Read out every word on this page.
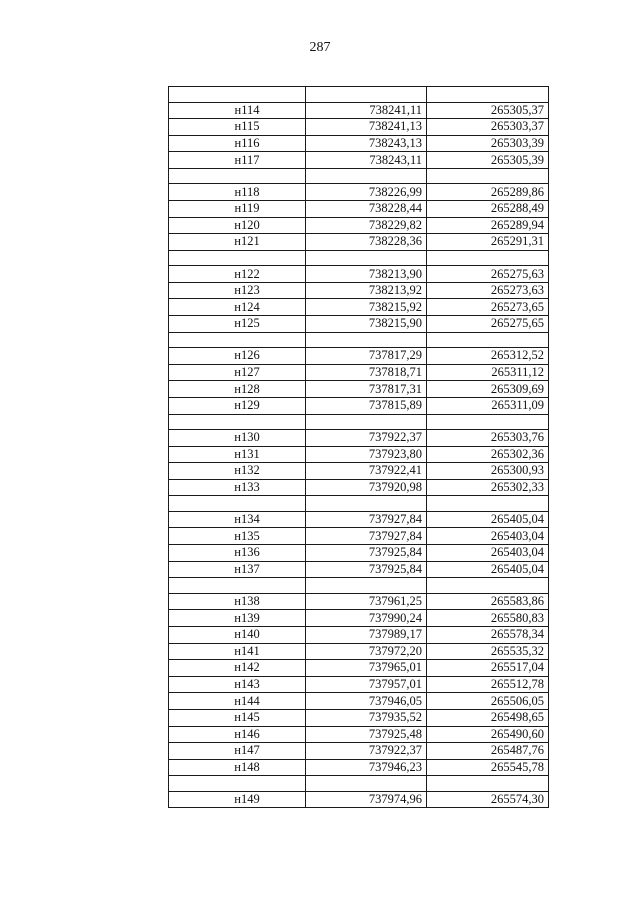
287

н114	738241,11	265305,37
н115	738241,13	265303,37
н116	738243,13	265303,39
н117	738243,11	265305,39

н118	738226,99	265289,86
н119	738228,44	265288,49
н120	738229,82	265289,94
н121	738228,36	265291,31

н122	738213,90	265275,63
н123	738213,92	265273,63
н124	738215,92	265273,65
н125	738215,90	265275,65

н126	737817,29	265312,52
н127	737818,71	265311,12
н128	737817,31	265309,69
н129	737815,89	265311,09

н130	737922,37	265303,76
н131	737923,80	265302,36
н132	737922,41	265300,93
н133	737920,98	265302,33

н134	737927,84	265405,04
н135	737927,84	265403,04
н136	737925,84	265403,04
н137	737925,84	265405,04

н138	737961,25	265583,86
н139	737990,24	265580,83
н140	737989,17	265578,34
н141	737972,20	265535,32
н142	737965,01	265517,04
н143	737957,01	265512,78
н144	737946,05	265506,05
н145	737935,52	265498,65
н146	737925,48	265490,60
н147	737922,37	265487,76
н148	737946,23	265545,78

н149	737974,96	265574,30
